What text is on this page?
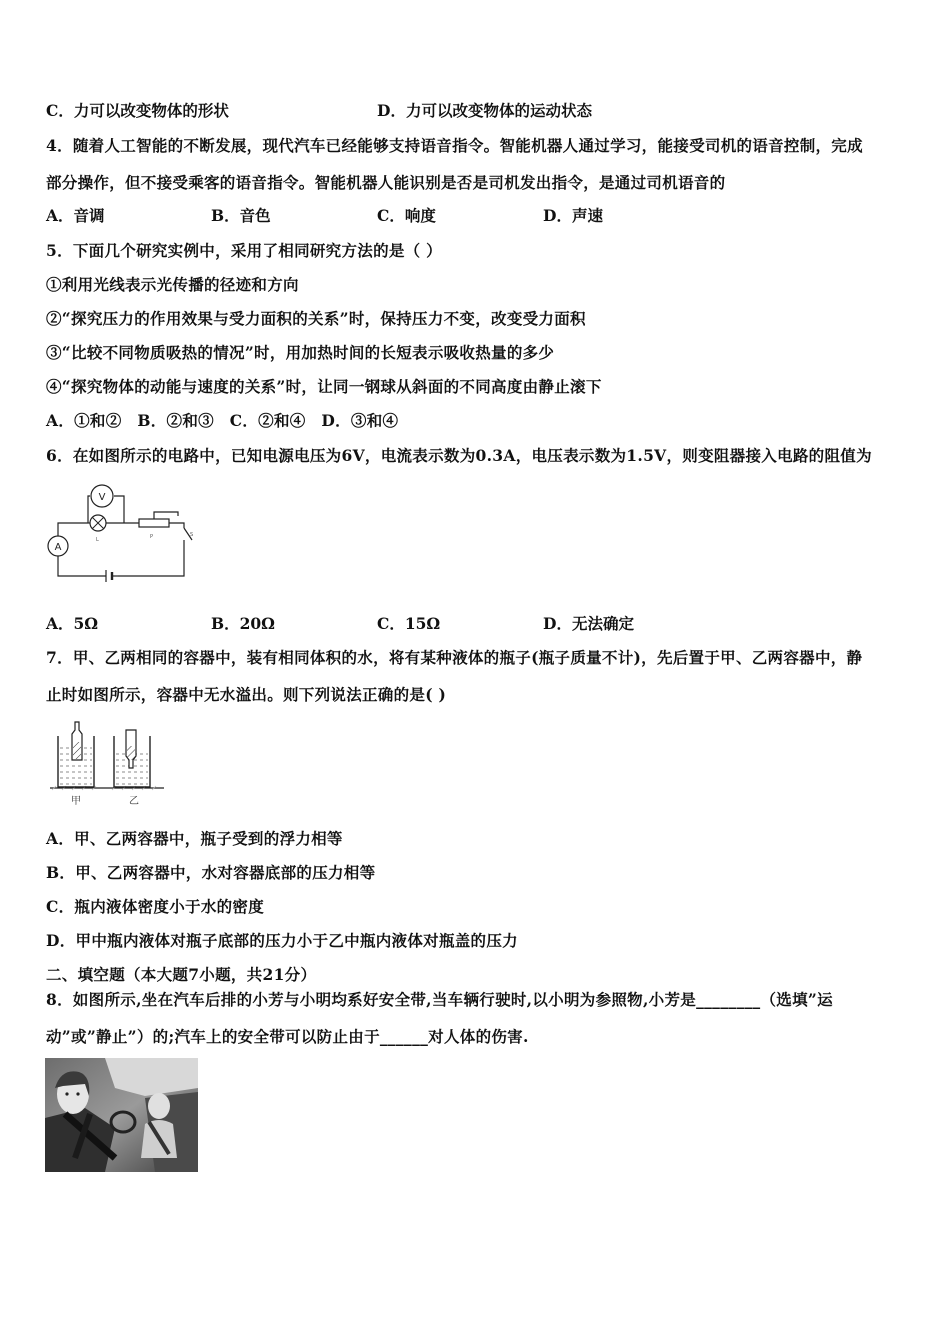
C．力可以改变物体的形状	D．力可以改变物体的运动状态
4．随着人工智能的不断发展，现代汽车已经能够支持语音指令。智能机器人通过学习，能接受司机的语音控制，完成
部分操作，但不接受乘客的语音指令。智能机器人能识别是否是司机发出指令，是通过司机语音的
A．音调	B．音色	C．响度	D．声速
5．下面几个研究实例中，采用了相同研究方法的是（ ）
①利用光线表示光传播的径迹和方向
②“探究压力的作用效果与受力面积的关系”时，保持压力不变，改变受力面积
③“比较不同物质吸热的情况”时，用加热时间的长短表示吸收热量的多少
④“探究物体的动能与速度的关系”时，让同一钢球从斜面的不同高度由静止滚下
A．①和②　B．②和③　C．②和④　D．③和④
6．在如图所示的电路中，已知电源电压为6V，电流表示数为0.3A，电压表示数为1.5V，则变阻器接入电路的阻值为
V
L	P	S
A
A．5Ω	B．20Ω	C．15Ω	D．无法确定
7．甲、乙两相同的容器中，装有相同体积的水，将有某种液体的瓶子(瓶子质量不计)，先后置于甲、乙两容器中，静
止时如图所示，容器中无水溢出。则下列说法正确的是( )
甲	乙
A．甲、乙两容器中，瓶子受到的浮力相等
B．甲、乙两容器中，水对容器底部的压力相等
C．瓶内液体密度小于水的密度
D．甲中瓶内液体对瓶子底部的压力小于乙中瓶内液体对瓶盖的压力
二、填空题（本大题7小题，共21分）
8．如图所示,坐在汽车后排的小芳与小明均系好安全带,当车辆行驶时,以小明为参照物,小芳是________（选填”运
动”或”静止”）的;汽车上的安全带可以防止由于______对人体的伤害.
